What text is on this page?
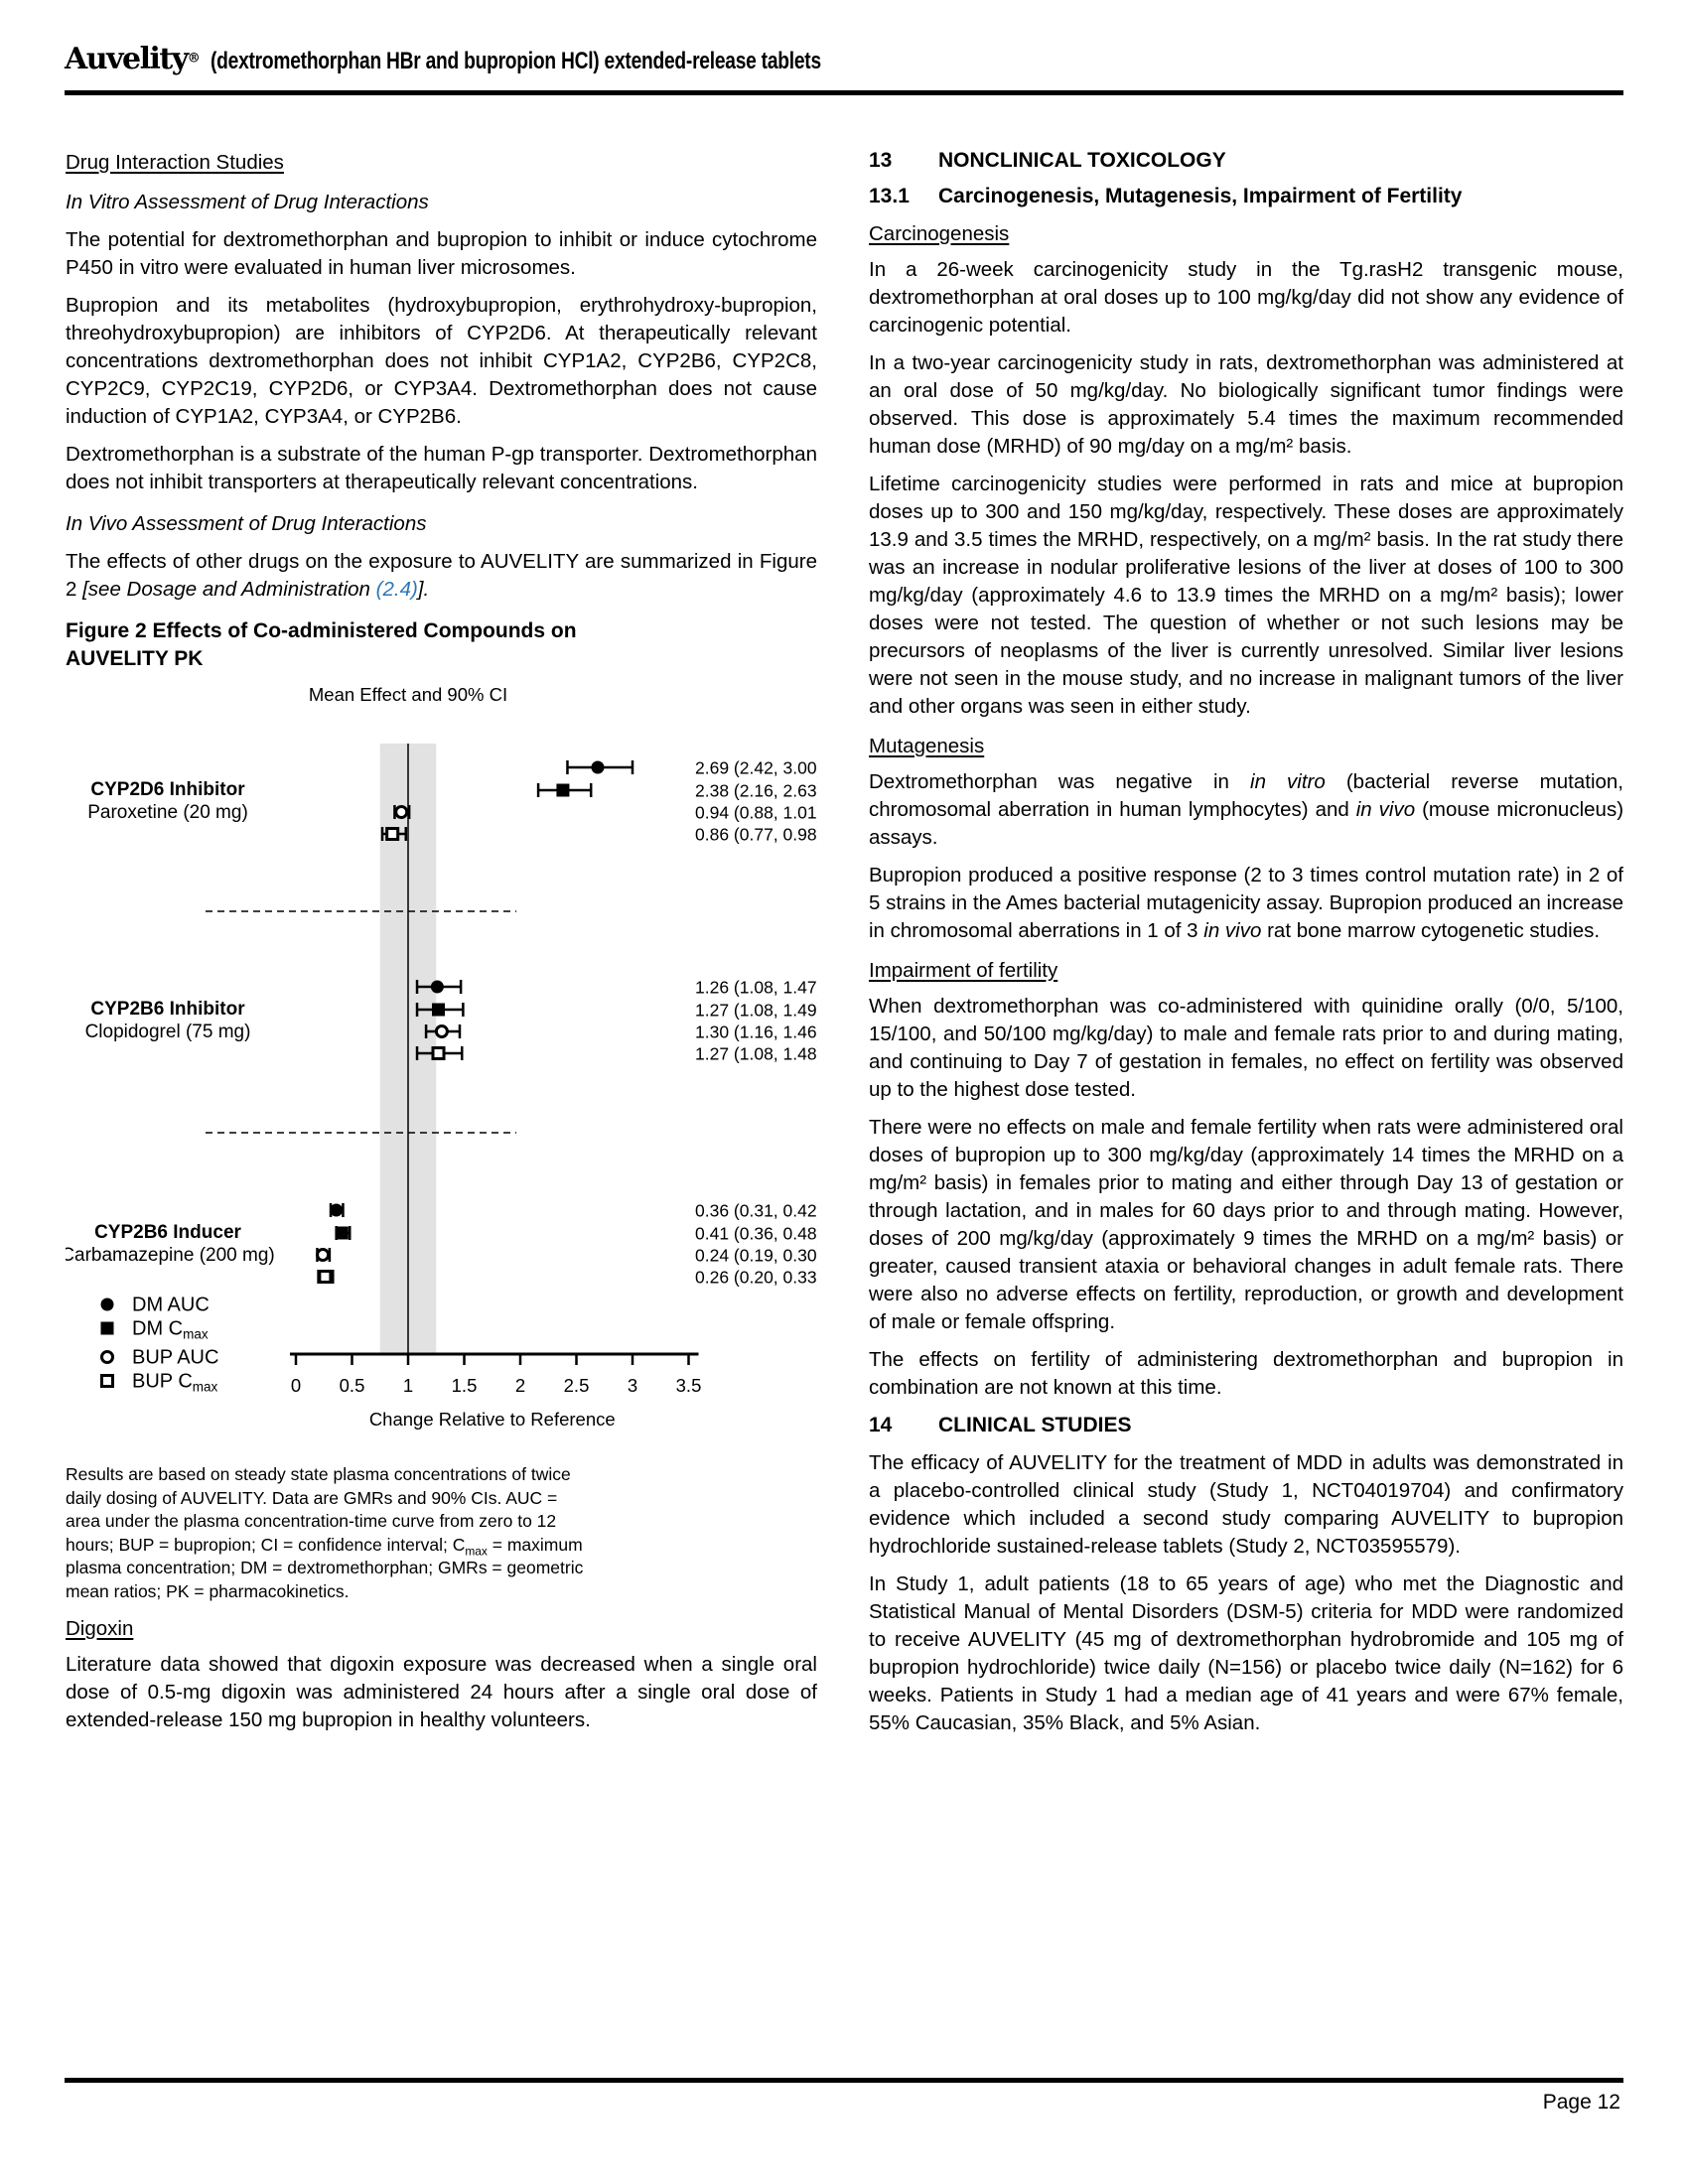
Auvelity® (dextromethorphan HBr and bupropion HCl) extended-release tablets
Drug Interaction Studies
In Vitro Assessment of Drug Interactions

The potential for dextromethorphan and bupropion to inhibit or induce cytochrome P450 in vitro were evaluated in human liver microsomes.

Bupropion and its metabolites (hydroxybupropion, erythrohydroxy-bupropion, threohydroxybupropion) are inhibitors of CYP2D6. At therapeutically relevant concentrations dextromethorphan does not inhibit CYP1A2, CYP2B6, CYP2C8, CYP2C9, CYP2C19, CYP2D6, or CYP3A4. Dextromethorphan does not cause induction of CYP1A2, CYP3A4, or CYP2B6.

Dextromethorphan is a substrate of the human P-gp transporter. Dextromethorphan does not inhibit transporters at therapeutically relevant concentrations.

In Vivo Assessment of Drug Interactions

The effects of other drugs on the exposure to AUVELITY are summarized in Figure 2 [see Dosage and Administration (2.4)].

Figure 2 Effects of Co-administered Compounds on AUVELITY PK
Mean Effect and 90% CI
CYP2D6 Inhibitor
Paroxetine (20 mg)
2.69 (2.42, 3.00)
2.38 (2.16, 2.63)
0.94 (0.88, 1.01)
0.86 (0.77, 0.98)
CYP2B6 Inhibitor
Clopidogrel (75 mg)
1.26 (1.08, 1.47)
1.27 (1.08, 1.49)
1.30 (1.16, 1.46)
1.27 (1.08, 1.48)
CYP2B6 Inducer
Carbamazepine (200 mg)
0.36 (0.31, 0.42)
0.41 (0.36, 0.48)
0.24 (0.19, 0.30)
0.26 (0.20, 0.33)
0 0.5 1 1.5 2 2.5 3 3.5
Change Relative to Reference
DM AUC
DM $C_{max}$
BUP AUC
BUP $C_{max}$

Results are based on steady state plasma concentrations of twice daily dosing of AUVELITY. Data are GMRs and 90% CIs. AUC = area under the plasma concentration-time curve from zero to 12 hours; BUP = bupropion; CI = confidence interval; $C_{max}$ = maximum plasma concentration; DM = dextromethorphan; GMRs = geometric mean ratios; PK = pharmacokinetics.

Digoxin

Literature data showed that digoxin exposure was decreased when a single oral dose of 0.5-mg digoxin was administered 24 hours after a single oral dose of extended-release 150 mg bupropion in healthy volunteers.

13	NONCLINICAL TOXICOLOGY
13.1	Carcinogenesis, Mutagenesis, Impairment of Fertility
Carcinogenesis

In a 26-week carcinogenicity study in the Tg.rasH2 transgenic mouse, dextromethorphan at oral doses up to 100 mg/kg/day did not show any evidence of carcinogenic potential.

In a two-year carcinogenicity study in rats, dextromethorphan was administered at an oral dose of 50 mg/kg/day. No biologically significant tumor findings were observed. This dose is approximately 5.4 times the maximum recommended human dose (MRHD) of 90 mg/day on a mg/m² basis.

Lifetime carcinogenicity studies were performed in rats and mice at bupropion doses up to 300 and 150 mg/kg/day, respectively. These doses are approximately 13.9 and 3.5 times the MRHD, respectively, on a mg/m² basis. In the rat study there was an increase in nodular proliferative lesions of the liver at doses of 100 to 300 mg/kg/day (approximately 4.6 to 13.9 times the MRHD on a mg/m² basis); lower doses were not tested. The question of whether or not such lesions may be precursors of neoplasms of the liver is currently unresolved. Similar liver lesions were not seen in the mouse study, and no increase in malignant tumors of the liver and other organs was seen in either study.

Mutagenesis

Dextromethorphan was negative in in vitro (bacterial reverse mutation, chromosomal aberration in human lymphocytes) and in vivo (mouse micronucleus) assays.

Bupropion produced a positive response (2 to 3 times control mutation rate) in 2 of 5 strains in the Ames bacterial mutagenicity assay. Bupropion produced an increase in chromosomal aberrations in 1 of 3 in vivo rat bone marrow cytogenetic studies.

Impairment of fertility

When dextromethorphan was co-administered with quinidine orally (0/0, 5/100, 15/100, and 50/100 mg/kg/day) to male and female rats prior to and during mating, and continuing to Day 7 of gestation in females, no effect on fertility was observed up to the highest dose tested.

There were no effects on male and female fertility when rats were administered oral doses of bupropion up to 300 mg/kg/day (approximately 14 times the MRHD on a mg/m² basis) in females prior to mating and either through Day 13 of gestation or through lactation, and in males for 60 days prior to and through mating. However, doses of 200 mg/kg/day (approximately 9 times the MRHD on a mg/m² basis) or greater, caused transient ataxia or behavioral changes in adult female rats. There were also no adverse effects on fertility, reproduction, or growth and development of male or female offspring.

The effects on fertility of administering dextromethorphan and bupropion in combination are not known at this time.

14	CLINICAL STUDIES

The efficacy of AUVELITY for the treatment of MDD in adults was demonstrated in a placebo-controlled clinical study (Study 1, NCT04019704) and confirmatory evidence which included a second study comparing AUVELITY to bupropion hydrochloride sustained-release tablets (Study 2, NCT03595579).

In Study 1, adult patients (18 to 65 years of age) who met the Diagnostic and Statistical Manual of Mental Disorders (DSM-5) criteria for MDD were randomized to receive AUVELITY (45 mg of dextromethorphan hydrobromide and 105 mg of bupropion hydrochloride) twice daily (N=156) or placebo twice daily (N=162) for 6 weeks. Patients in Study 1 had a median age of 41 years and were 67% female, 55% Caucasian, 35% Black, and 5% Asian.

Page 12
